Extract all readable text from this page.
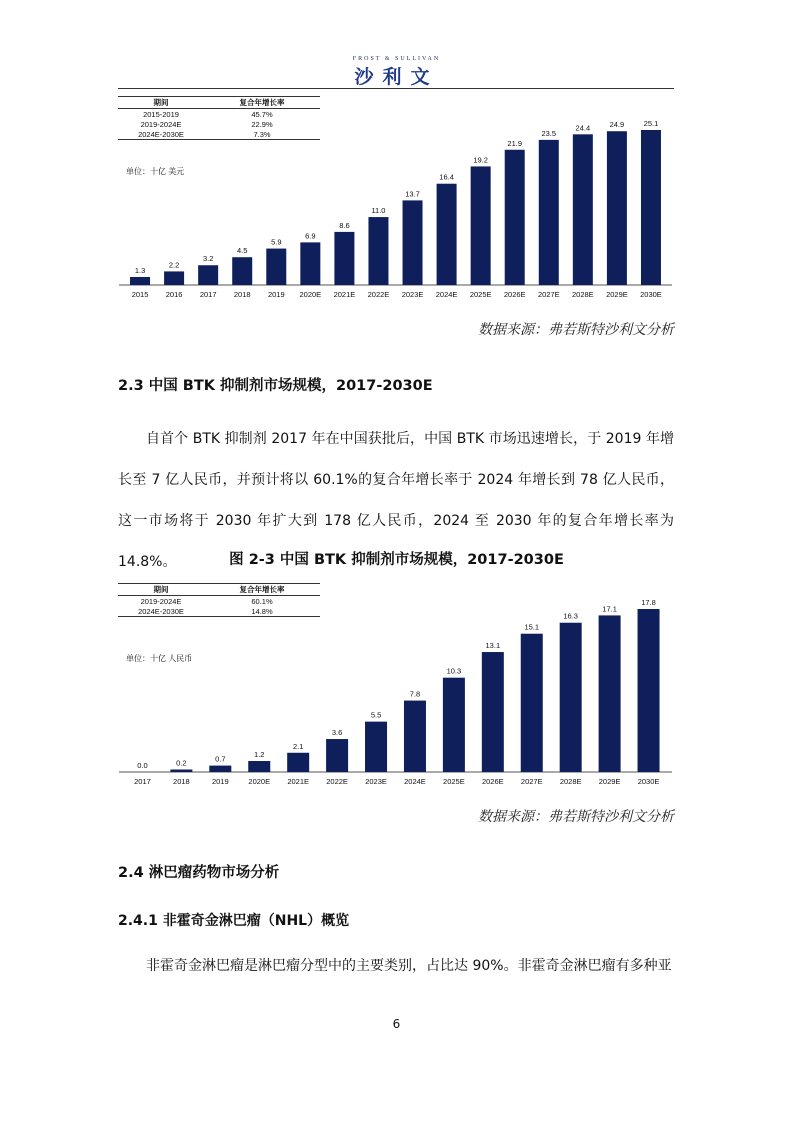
FROST & SULLIVAN
沙利文
1.3
2015
2.2
2016
3.2
2017
4.5
2018
5.9
2019
6.9
2020E
8.6
2021E
11.0
2022E
13.7
2023E
16.4
2024E
19.2
2025E
21.9
2026E
23.5
2027E
24.4
2028E
24.9
2029E
25.1
2030E
期间	复合年增长率
2015-2019	45.7%
2019-2024E	22.9%
2024E-2030E	7.3%
单位：十亿 美元
数据来源：弗若斯特沙利文分析
2.3 中国 BTK 抑制剂市场规模，2017-2030E

自首个 BTK 抑制剂 2017 年在中国获批后，中国 BTK 市场迅速增长，于 2019 年增长至 7 亿人民币，并预计将以 60.1%的复合年增长率于 2024 年增长到 78 亿人民币，这一市场将于 2030 年扩大到 178 亿人民币，2024 至 2030 年的复合年增长率为 14.8%。	图 2-3 中国 BTK 抑制剂市场规模，2017-2030E
0.0
2017
0.2
2018
0.7
2019
1.2
2020E
2.1
2021E
3.6
2022E
5.5
2023E
7.8
2024E
10.3
2025E
13.1
2026E
15.1
2027E
16.3
2028E
17.1
2029E
17.8
2030E
期间	复合年增长率
2019-2024E	60.1%
2024E-2030E	14.8%
单位：十亿 人民币
数据来源：弗若斯特沙利文分析
2.4 淋巴瘤药物市场分析
2.4.1 非霍奇金淋巴瘤（NHL）概览

非霍奇金淋巴瘤是淋巴瘤分型中的主要类别，占比达 90%。非霍奇金淋巴瘤有多种亚

6
